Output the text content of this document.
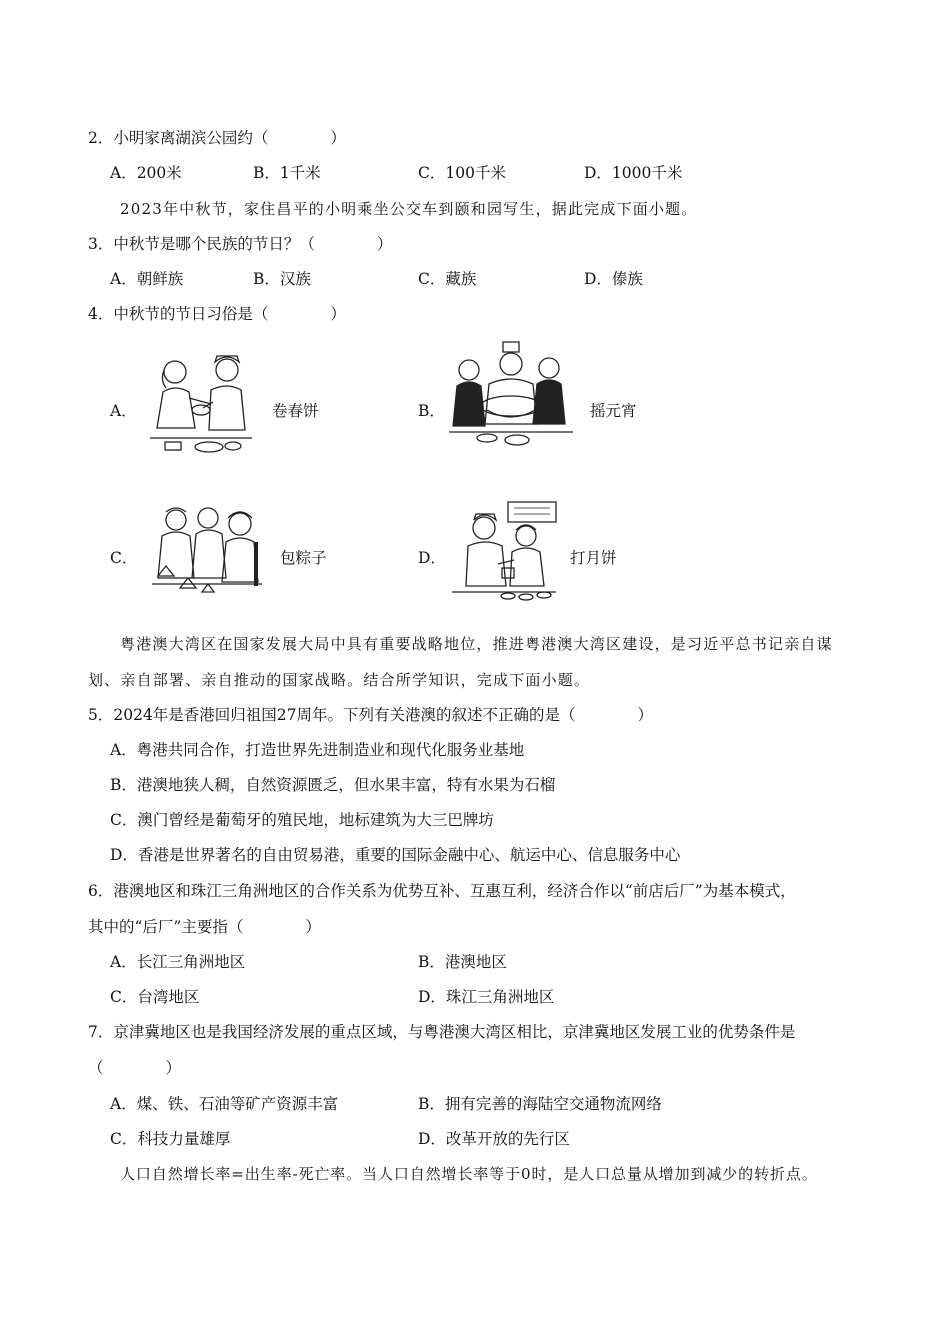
2．小明家离湖滨公园约（　　　　）
A．200米	B．1千米	C．100千米	D．1000千米
2023年中秋节，家住昌平的小明乘坐公交车到颐和园写生，据此完成下面小题。
3．中秋节是哪个民族的节日？（　　　　）
A．朝鲜族	B．汉族	C．藏族	D．傣族
4．中秋节的节日习俗是（　　　　）
A．	卷春饼	B．	摇元宵
C．	包粽子	D．	打月饼
粤港澳大湾区在国家发展大局中具有重要战略地位，推进粤港澳大湾区建设，是习近平总书记亲自谋
划、亲自部署、亲自推动的国家战略。结合所学知识，完成下面小题。
5．2024年是香港回归祖国27周年。下列有关港澳的叙述不正确的是（　　　　）
A．粤港共同合作，打造世界先进制造业和现代化服务业基地
B．港澳地狭人稠，自然资源匮乏，但水果丰富，特有水果为石榴
C．澳门曾经是葡萄牙的殖民地，地标建筑为大三巴牌坊
D．香港是世界著名的自由贸易港，重要的国际金融中心、航运中心、信息服务中心
6．港澳地区和珠江三角洲地区的合作关系为优势互补、互惠互利，经济合作以“前店后厂”为基本模式，
其中的“后厂”主要指（　　　　）
A．长江三角洲地区	B．港澳地区
C．台湾地区	D．珠江三角洲地区
7．京津冀地区也是我国经济发展的重点区域，与粤港澳大湾区相比，京津冀地区发展工业的优势条件是
（　　　　）
A．煤、铁、石油等矿产资源丰富	B．拥有完善的海陆空交通物流网络
C．科技力量雄厚	D．改革开放的先行区
人口自然增长率=出生率-死亡率。当人口自然增长率等于0时，是人口总量从增加到减少的转折点。
